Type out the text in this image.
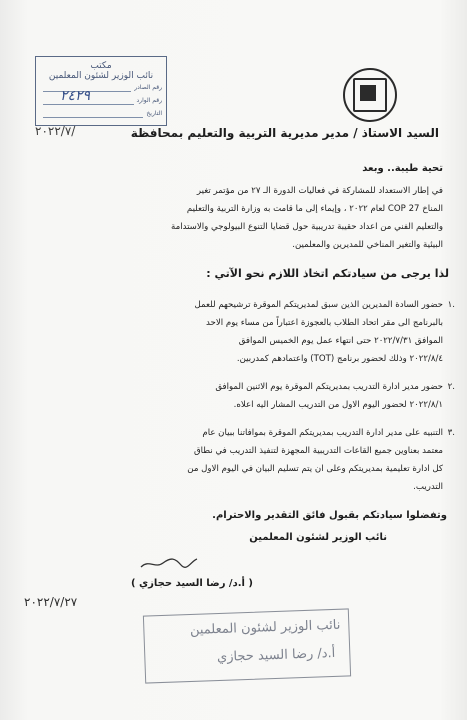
مكتب
نائب الوزير لشئون المعلمين
رقم الصادر
رقم الوارد
التاريخ
٢٤٢٩
السيد الاستاذ / مدير مديرية التربية والتعليم بمحافظة
٢٠٢٢/٧/
تحية طيبة.. وبعد
في إطار الاستعداد للمشاركة في فعاليات الدورة الـ ٢٧ من مؤتمر تغير
المناخ COP 27 لعام ٢٠٢٢ ، وإيماء إلى ما قامت به وزارة التربية والتعليم
والتعليم الفني من اعداد حقيبة تدريبية حول قضايا التنوع البيولوجي والاستدامة
البيئية والتغير المناخي للمديرين والمعلمين.
لذا يرجى من سيادتكم اتخاذ اللازم نحو الآتي :
.١
حضور السادة المديرين الذين سبق لمديريتكم الموقرة ترشيحهم للعمل
بالبرنامج الى مقر اتحاد الطلاب بالعجوزة اعتباراً من مساء يوم الاحد
الموافق ٢٠٢٢/٧/٣١ حتى انتهاء عمل يوم الخميس الموافق
٢٠٢٢/٨/٤ وذلك لحضور برنامج (TOT) واعتمادهم كمدربين.
.٢
حضور مدير ادارة التدريب بمديريتكم الموقرة يوم الاثنين الموافق
٢٠٢٢/٨/١ لحضور اليوم الاول من التدريب المشار اليه اعلاه.
.٣
التنبيه على مدير ادارة التدريب بمديريتكم الموقرة بموافاتنا ببيان عام
معتمد بعناوين جميع القاعات التدريبية المجهزة لتنفيذ التدريب في نطاق
كل ادارة تعليمية بمديريتكم وعلى ان يتم تسليم البيان في اليوم الاول من
التدريب.
وتفضلوا سيادتكم بقبول فائق التقدير والاحترام.
نائب الوزير لشئون المعلمين
( أ.د/ رضا السيد حجازي )
٢٠٢٢/٧/٢٧
نائب الوزير لشئون المعلمين
أ.د/ رضا السيد حجازي
